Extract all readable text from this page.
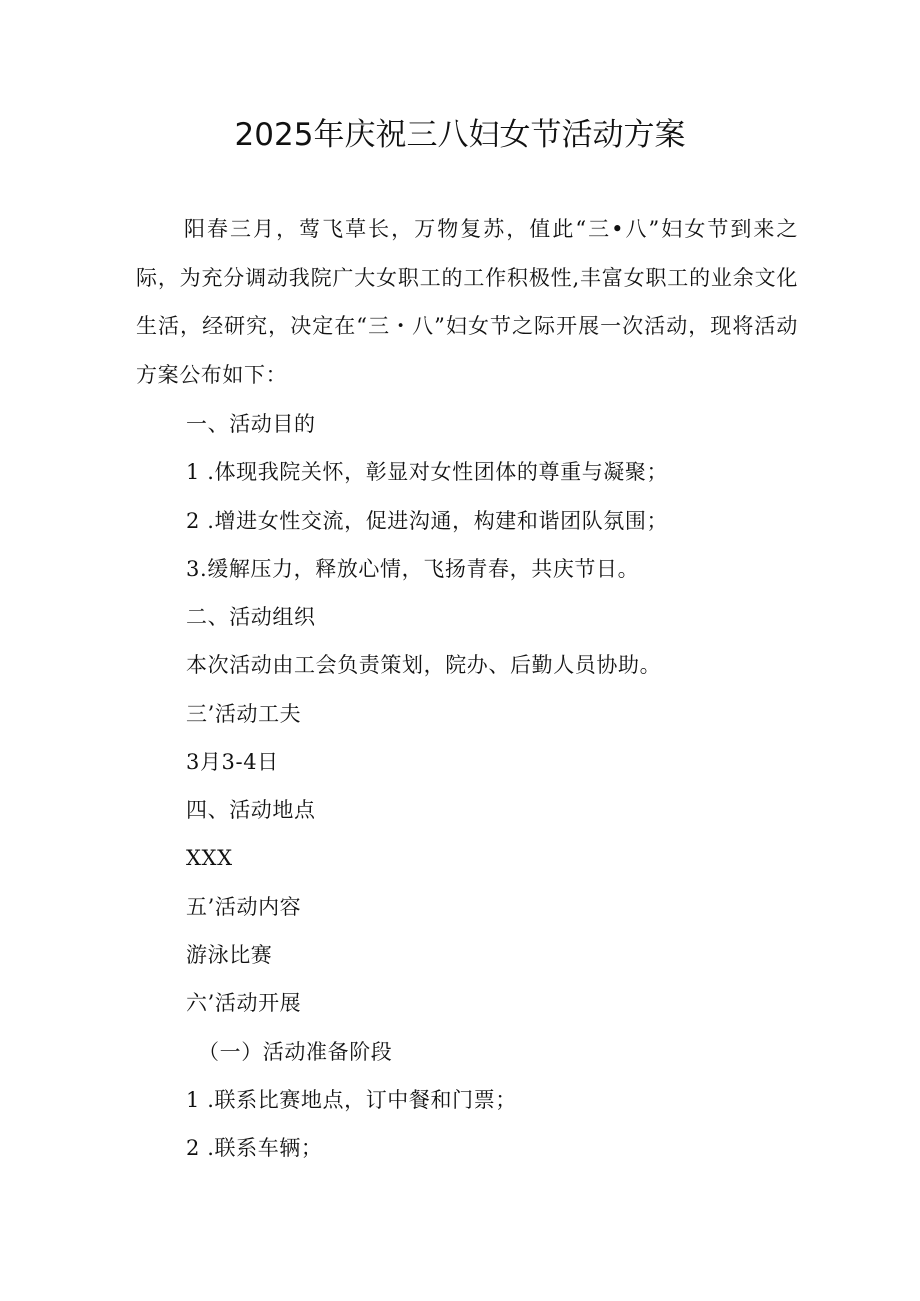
2025年庆祝三八妇女节活动方案

阳春三月，莺飞草长，万物复苏，值此“三•八”妇女节到来之际，为充分调动我院广大女职工的工作积极性,丰富女职工的业余文化生活，经研究，决定在“三・八”妇女节之际开展一次活动，现将活动方案公布如下：

一、活动目的

1 .体现我院关怀，彰显对女性团体的尊重与凝聚；

2 .增进女性交流，促进沟通，构建和谐团队氛围；

3.缓解压力，释放心情，飞扬青春，共庆节日。

二、活动组织

本次活动由工会负责策划，院办、后勤人员协助。

三’活动工夫

3月3-4日

四、活动地点

XXX

五’活动内容

游泳比赛

六’活动开展

（一）活动准备阶段

1 .联系比赛地点，订中餐和门票；

2 .联系车辆；
